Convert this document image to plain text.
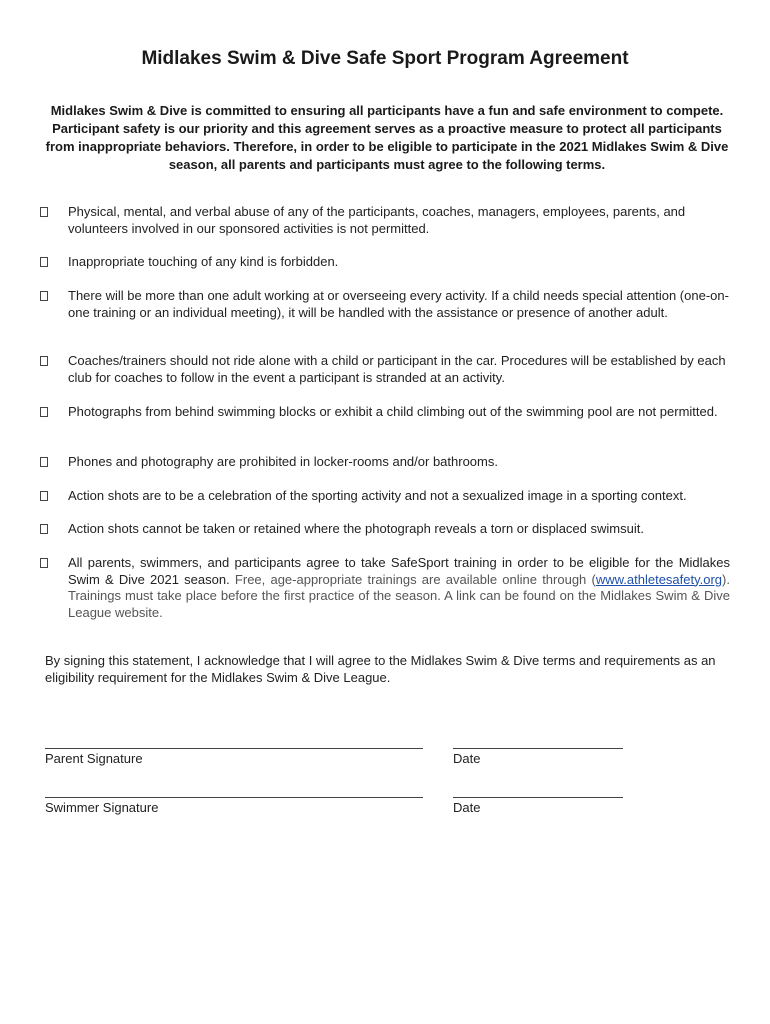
Midlakes Swim & Dive Safe Sport Program Agreement
Midlakes Swim & Dive is committed to ensuring all participants have a fun and safe environment to compete. Participant safety is our priority and this agreement serves as a proactive measure to protect all participants from inappropriate behaviors. Therefore, in order to be eligible to participate in the 2021 Midlakes Swim & Dive season, all parents and participants must agree to the following terms.
Physical, mental, and verbal abuse of any of the participants, coaches, managers, employees, parents, and volunteers involved in our sponsored activities is not permitted.
Inappropriate touching of any kind is forbidden.
There will be more than one adult working at or overseeing every activity. If a child needs special attention (one-on-one training or an individual meeting), it will be handled with the assistance or presence of another adult.
Coaches/trainers should not ride alone with a child or participant in the car. Procedures will be established by each club for coaches to follow in the event a participant is stranded at an activity.
Photographs from behind swimming blocks or exhibit a child climbing out of the swimming pool are not permitted.
Phones and photography are prohibited in locker-rooms and/or bathrooms.
Action shots are to be a celebration of the sporting activity and not a sexualized image in a sporting context.
Action shots cannot be taken or retained where the photograph reveals a torn or displaced swimsuit.
All parents, swimmers, and participants agree to take SafeSport training in order to be eligible for the Midlakes Swim & Dive 2021 season. Free, age-appropriate trainings are available online through (www.athletesafety.org). Trainings must take place before the first practice of the season. A link can be found on the Midlakes Swim & Dive League website.
By signing this statement, I acknowledge that I will agree to the Midlakes Swim & Dive terms and requirements as an eligibility requirement for the Midlakes Swim & Dive League.
Parent Signature	Date
Swimmer Signature	Date
